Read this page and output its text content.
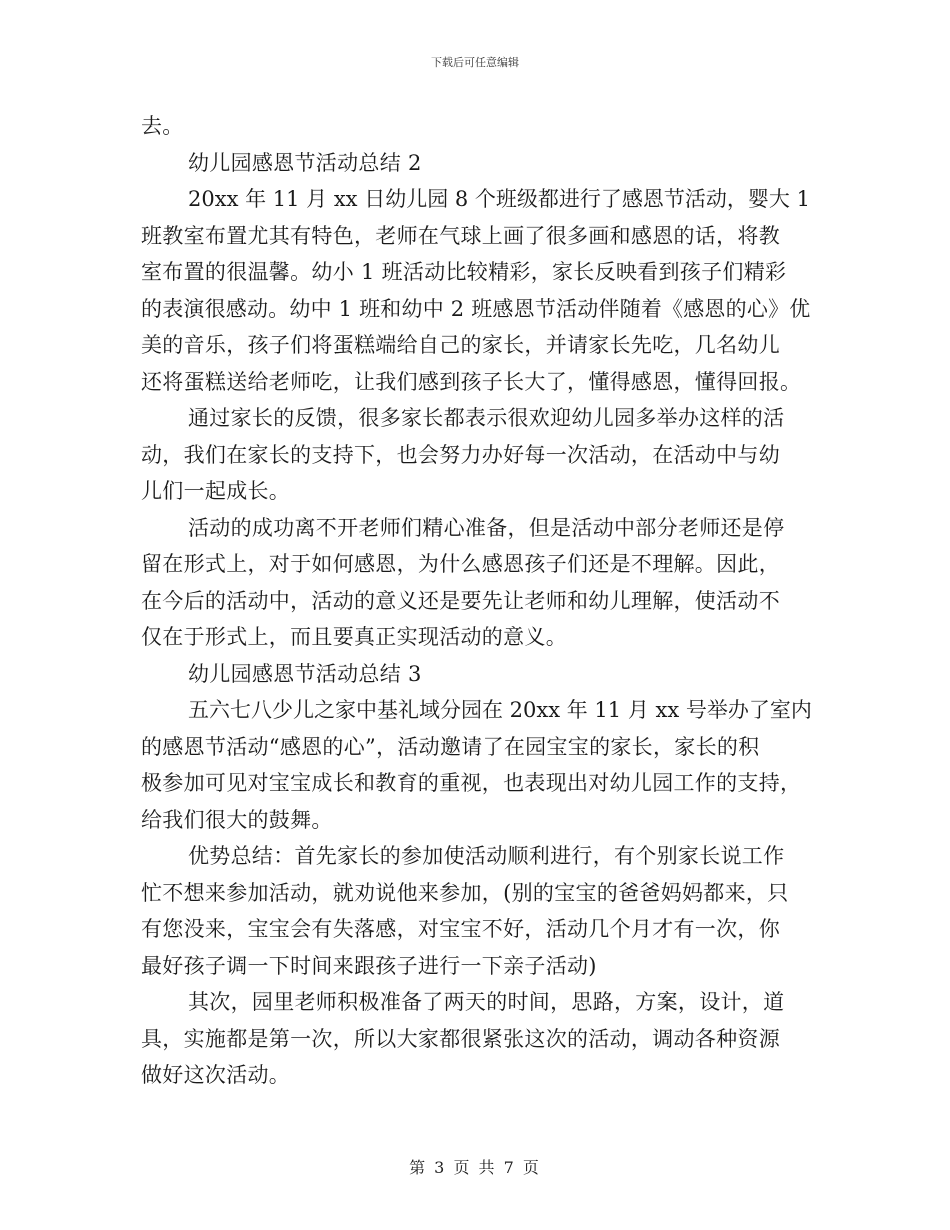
下载后可任意编辑
去。
幼儿园感恩节活动总结 2
20xx 年 11 月 xx 日幼儿园 8 个班级都进行了感恩节活动，婴大 1
班教室布置尤其有特色，老师在气球上画了很多画和感恩的话，将教
室布置的很温馨。幼小 1 班活动比较精彩，家长反映看到孩子们精彩
的表演很感动。幼中 1 班和幼中 2 班感恩节活动伴随着《感恩的心》优
美的音乐，孩子们将蛋糕端给自己的家长，并请家长先吃，几名幼儿
还将蛋糕送给老师吃，让我们感到孩子长大了，懂得感恩，懂得回报。
通过家长的反馈，很多家长都表示很欢迎幼儿园多举办这样的活
动，我们在家长的支持下，也会努力办好每一次活动，在活动中与幼
儿们一起成长。
活动的成功离不开老师们精心准备，但是活动中部分老师还是停
留在形式上，对于如何感恩，为什么感恩孩子们还是不理解。因此，
在今后的活动中，活动的意义还是要先让老师和幼儿理解，使活动不
仅在于形式上，而且要真正实现活动的意义。
幼儿园感恩节活动总结 3
五六七八少儿之家中基礼域分园在 20xx 年 11 月 xx 号举办了室内
的感恩节活动“感恩的心”，活动邀请了在园宝宝的家长，家长的积
极参加可见对宝宝成长和教育的重视，也表现出对幼儿园工作的支持，
给我们很大的鼓舞。
优势总结：首先家长的参加使活动顺利进行，有个别家长说工作
忙不想来参加活动，就劝说他来参加，(别的宝宝的爸爸妈妈都来，只
有您没来，宝宝会有失落感，对宝宝不好，活动几个月才有一次，你
最好孩子调一下时间来跟孩子进行一下亲子活动)
其次，园里老师积极准备了两天的时间，思路，方案，设计，道
具，实施都是第一次，所以大家都很紧张这次的活动，调动各种资源
做好这次活动。
第 3 页 共 7 页
